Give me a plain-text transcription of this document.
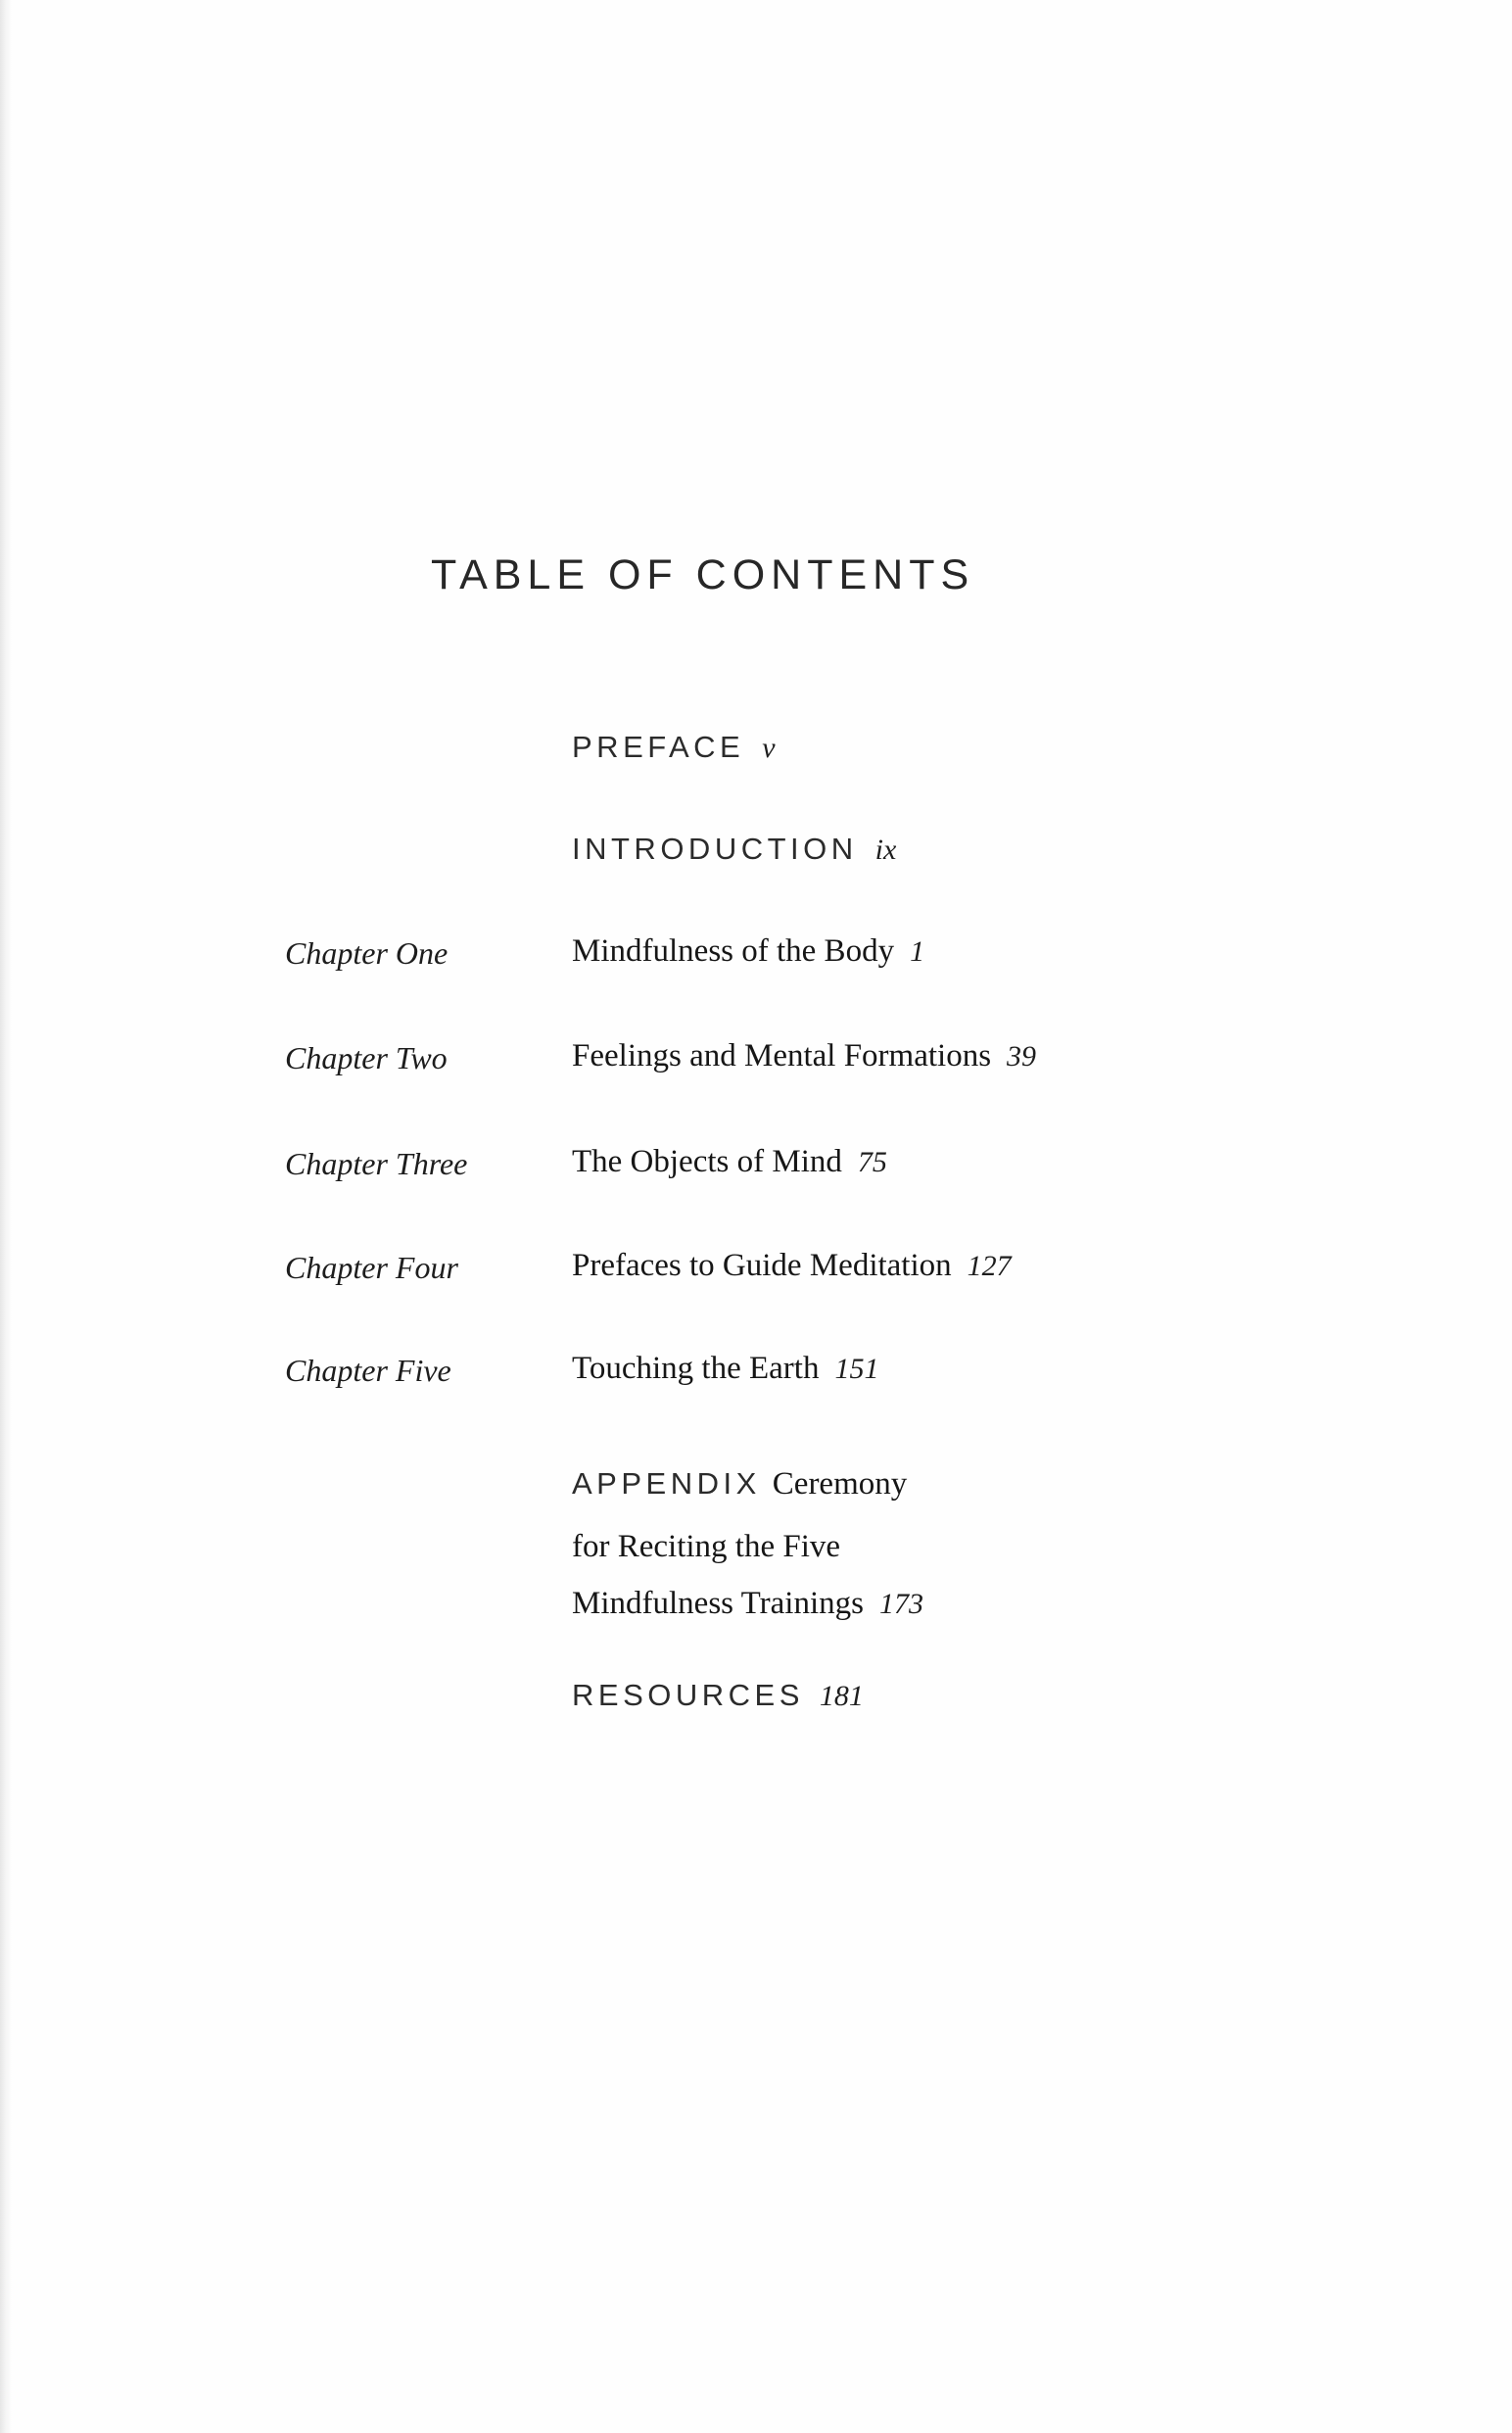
TABLE OF CONTENTS
PREFACE v
INTRODUCTION ix
Chapter One	Mindfulness of the Body 1
Chapter Two	Feelings and Mental Formations 39
Chapter Three	The Objects of Mind 75
Chapter Four	Prefaces to Guide Meditation 127
Chapter Five	Touching the Earth 151
APPENDIX Ceremony
for Reciting the Five
Mindfulness Trainings 173
RESOURCES 181
